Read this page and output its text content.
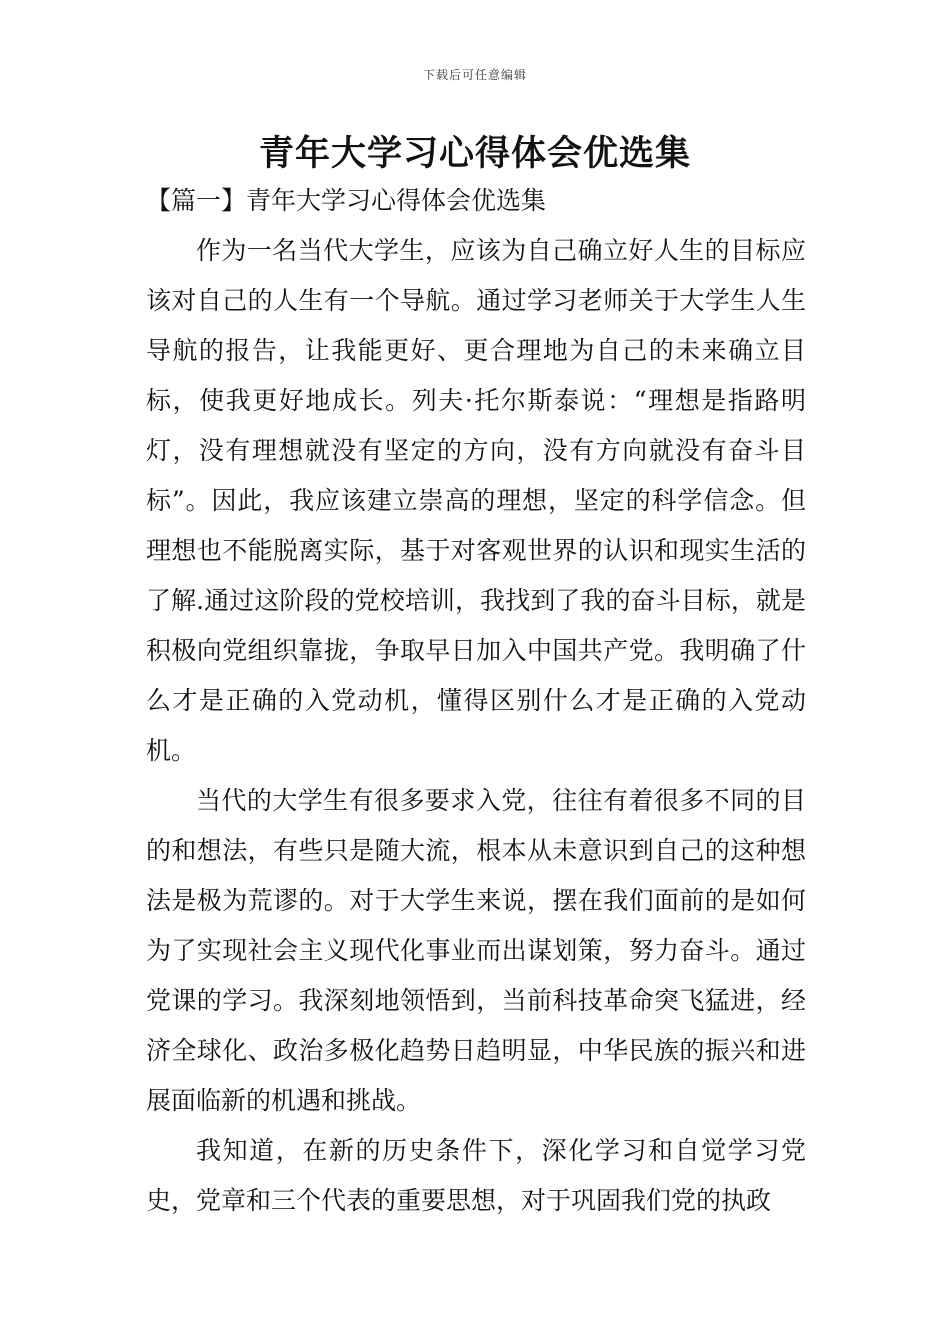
下载后可任意编辑
青年大学习心得体会优选集
【篇一】青年大学习心得体会优选集

作为一名当代大学生，应该为自己确立好人生的目标应该对自己的人生有一个导航。通过学习老师关于大学生人生导航的报告，让我能更好、更合理地为自己的未来确立目标，使我更好地成长。列夫·托尔斯泰说：“理想是指路明灯，没有理想就没有坚定的方向，没有方向就没有奋斗目标”。因此，我应该建立崇高的理想，坚定的科学信念。但理想也不能脱离实际，基于对客观世界的认识和现实生活的了解.通过这阶段的党校培训，我找到了我的奋斗目标，就是积极向党组织靠拢，争取早日加入中国共产党。我明确了什么才是正确的入党动机，懂得区别什么才是正确的入党动机。

当代的大学生有很多要求入党，往往有着很多不同的目的和想法，有些只是随大流，根本从未意识到自己的这种想法是极为荒谬的。对于大学生来说，摆在我们面前的是如何为了实现社会主义现代化事业而出谋划策，努力奋斗。通过党课的学习。我深刻地领悟到，当前科技革命突飞猛进，经济全球化、政治多极化趋势日趋明显，中华民族的振兴和进展面临新的机遇和挑战。

我知道，在新的历史条件下，深化学习和自觉学习党史，党章和三个代表的重要思想，对于巩固我们党的执政
